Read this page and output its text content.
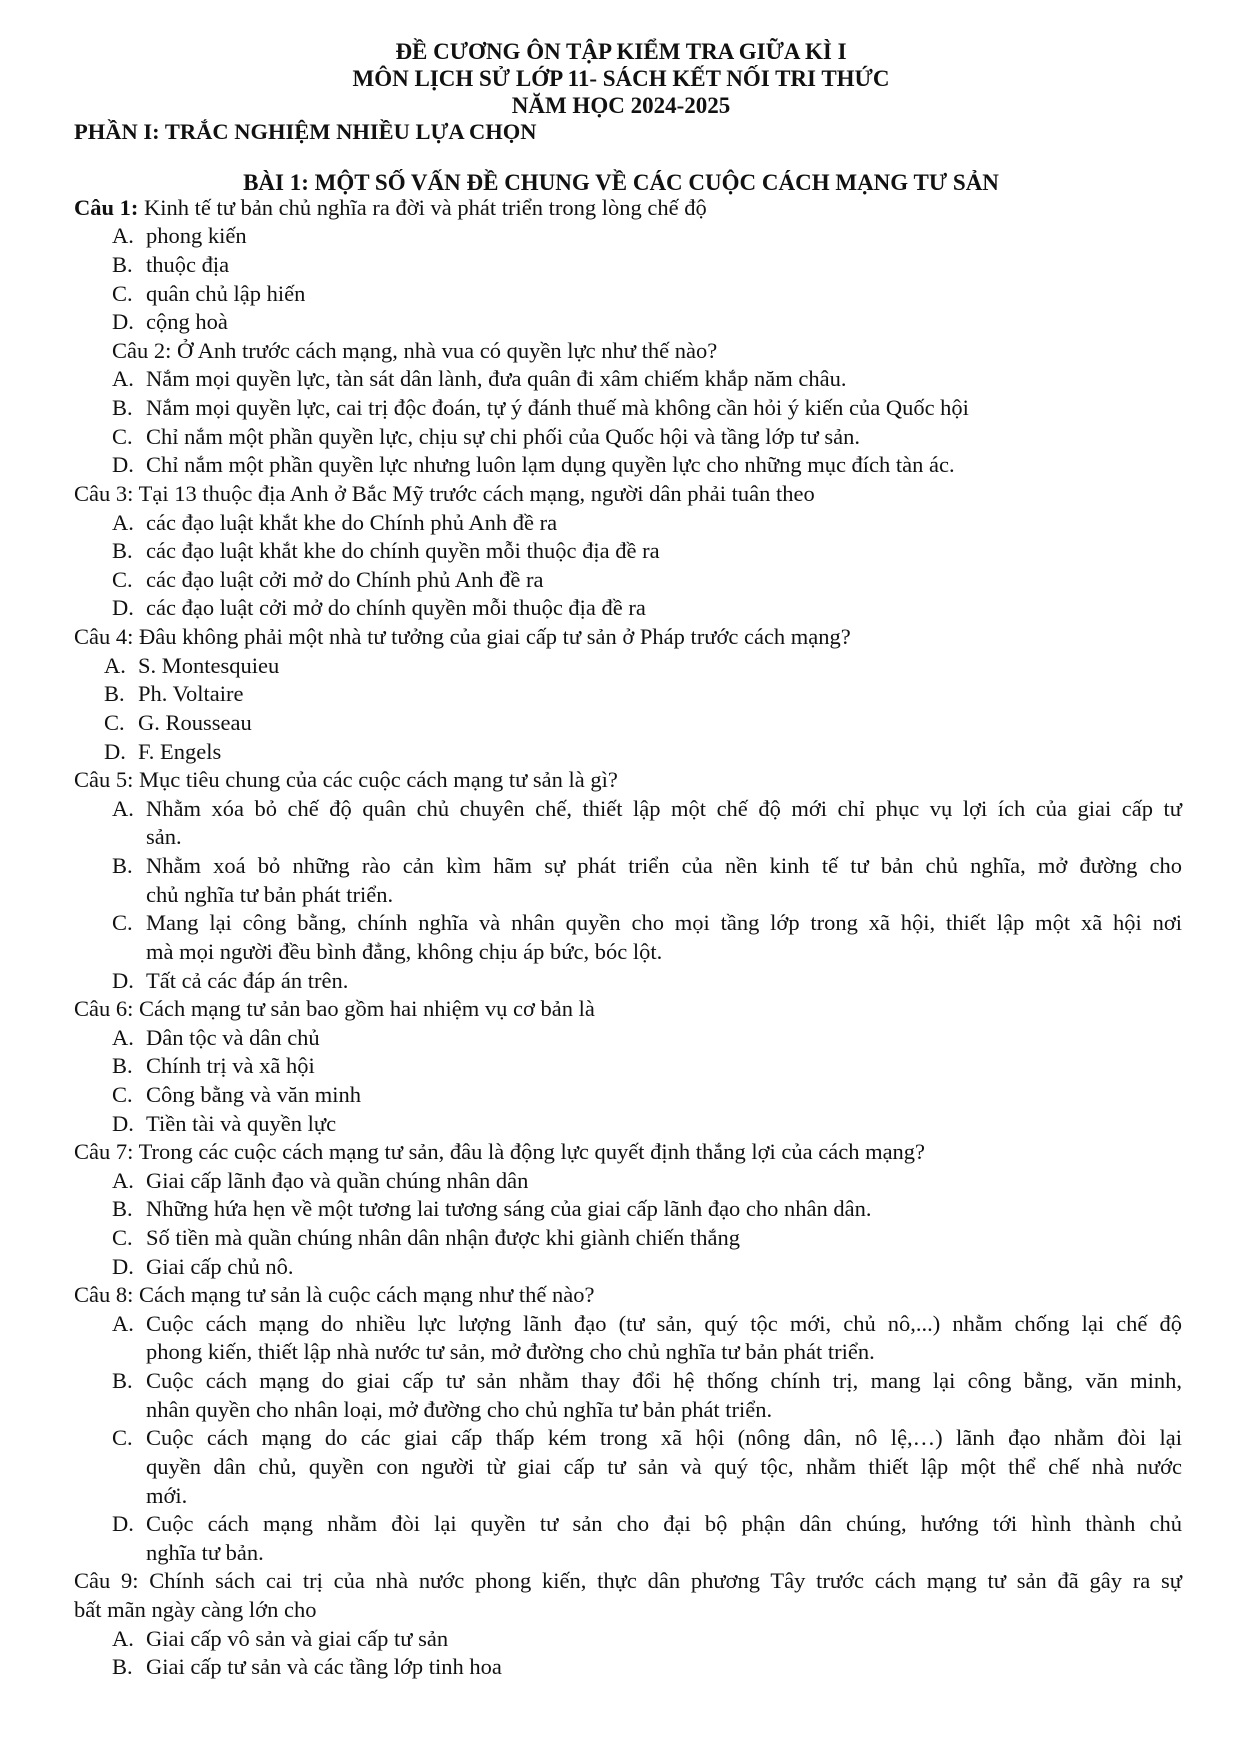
ĐỀ CƯƠNG ÔN TẬP KIỂM TRA GIỮA KÌ I
MÔN LỊCH SỬ LỚP 11- SÁCH KẾT NỐI TRI THỨC
NĂM HỌC 2024-2025
PHẦN I: TRẮC NGHIỆM NHIỀU LỰA CHỌN
BÀI 1: MỘT SỐ VẤN ĐỀ CHUNG VỀ CÁC CUỘC CÁCH MẠNG TƯ SẢN
Câu 1: Kinh tế tư bản chủ nghĩa ra đời và phát triển trong lòng chế độ
A. phong kiến
B. thuộc địa
C. quân chủ lập hiến
D. cộng hoà
Câu 2: Ở Anh trước cách mạng, nhà vua có quyền lực như thế nào?
A. Nắm mọi quyền lực, tàn sát dân lành, đưa quân đi xâm chiếm khắp năm châu.
B. Nắm mọi quyền lực, cai trị độc đoán, tự ý đánh thuế mà không cần hỏi ý kiến của Quốc hội
C. Chỉ nắm một phần quyền lực, chịu sự chi phối của Quốc hội và tầng lớp tư sản.
D. Chỉ nắm một phần quyền lực nhưng luôn lạm dụng quyền lực cho những mục đích tàn ác.
Câu 3: Tại 13 thuộc địa Anh ở Bắc Mỹ trước cách mạng, người dân phải tuân theo
A. các đạo luật khắt khe do Chính phủ Anh đề ra
B. các đạo luật khắt khe do chính quyền mỗi thuộc địa đề ra
C. các đạo luật cởi mở do Chính phủ Anh đề ra
D. các đạo luật cởi mở do chính quyền mỗi thuộc địa đề ra
Câu 4: Đâu không phải một nhà tư tưởng của giai cấp tư sản ở Pháp trước cách mạng?
A. S. Montesquieu
B. Ph. Voltaire
C. G. Rousseau
D. F. Engels
Câu 5: Mục tiêu chung của các cuộc cách mạng tư sản là gì?
A. Nhằm xóa bỏ chế độ quân chủ chuyên chế, thiết lập một chế độ mới chỉ phục vụ lợi ích của giai cấp tư
sản.
B. Nhằm xoá bỏ những rào cản kìm hãm sự phát triển của nền kinh tế tư bản chủ nghĩa, mở đường cho
chủ nghĩa tư bản phát triển.
C. Mang lại công bằng, chính nghĩa và nhân quyền cho mọi tầng lớp trong xã hội, thiết lập một xã hội nơi
mà mọi người đều bình đẳng, không chịu áp bức, bóc lột.
D. Tất cả các đáp án trên.
Câu 6: Cách mạng tư sản bao gồm hai nhiệm vụ cơ bản là
A. Dân tộc và dân chủ
B. Chính trị và xã hội
C. Công bằng và văn minh
D. Tiền tài và quyền lực
Câu 7: Trong các cuộc cách mạng tư sản, đâu là động lực quyết định thắng lợi của cách mạng?
A. Giai cấp lãnh đạo và quần chúng nhân dân
B. Những hứa hẹn về một tương lai tương sáng của giai cấp lãnh đạo cho nhân dân.
C. Số tiền mà quần chúng nhân dân nhận được khi giành chiến thắng
D. Giai cấp chủ nô.
Câu 8: Cách mạng tư sản là cuộc cách mạng như thế nào?
A. Cuộc cách mạng do nhiều lực lượng lãnh đạo (tư sản, quý tộc mới, chủ nô,...) nhằm chống lại chế độ
phong kiến, thiết lập nhà nước tư sản, mở đường cho chủ nghĩa tư bản phát triển.
B. Cuộc cách mạng do giai cấp tư sản nhằm thay đổi hệ thống chính trị, mang lại công bằng, văn minh,
nhân quyền cho nhân loại, mở đường cho chủ nghĩa tư bản phát triển.
C. Cuộc cách mạng do các giai cấp thấp kém trong xã hội (nông dân, nô lệ,…) lãnh đạo nhằm đòi lại
quyền dân chủ, quyền con người từ giai cấp tư sản và quý tộc, nhằm thiết lập một thể chế nhà nước
mới.
D. Cuộc cách mạng nhằm đòi lại quyền tư sản cho đại bộ phận dân chúng, hướng tới hình thành chủ
nghĩa tư bản.
Câu 9: Chính sách cai trị của nhà nước phong kiến, thực dân phương Tây trước cách mạng tư sản đã gây ra sự
bất mãn ngày càng lớn cho
A. Giai cấp vô sản và giai cấp tư sản
B. Giai cấp tư sản và các tầng lớp tinh hoa
